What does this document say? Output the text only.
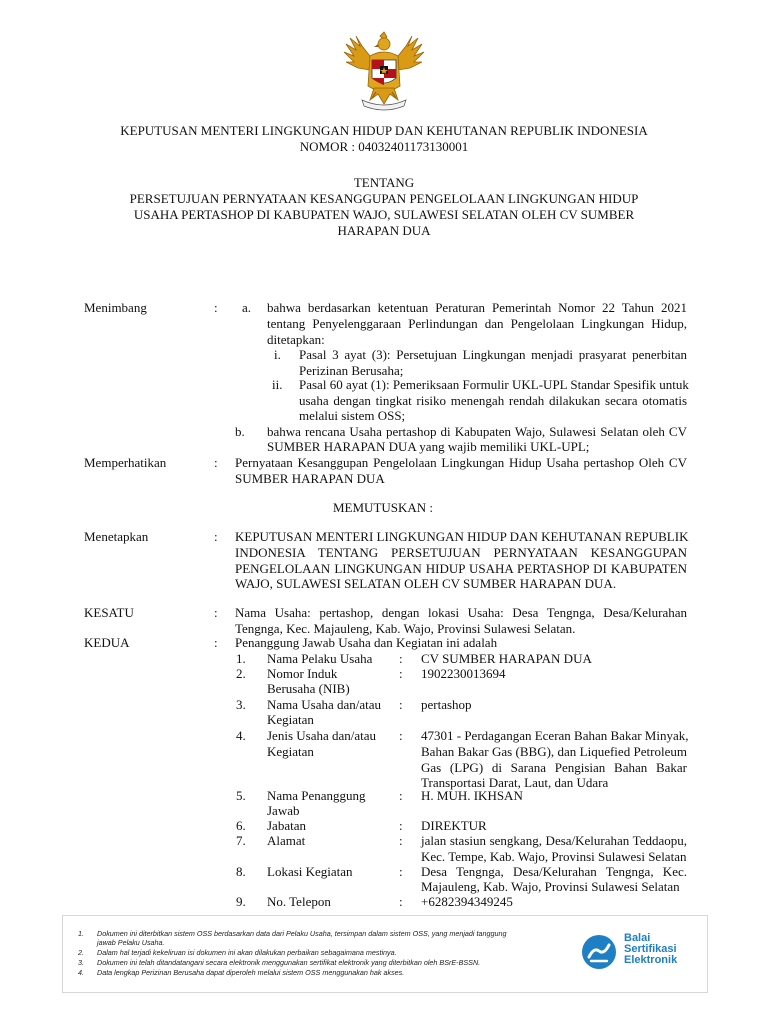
KEPUTUSAN MENTERI LINGKUNGAN HIDUP DAN KEHUTANAN REPUBLIK INDONESIA
NOMOR : 04032401173130001
TENTANG
PERSETUJUAN PERNYATAAN KESANGGUPAN PENGELOLAAN LINGKUNGAN HIDUP
USAHA PERTASHOP DI KABUPATEN WAJO, SULAWESI SELATAN OLEH CV SUMBER
HARAPAN DUA
Menimbang	: a. bahwa berdasarkan ketentuan Peraturan Pemerintah Nomor 22 Tahun 2021
tentang Penyelenggaraan Perlindungan dan Pengelolaan Lingkungan Hidup,
ditetapkan:
i. Pasal 3 ayat (3): Persetujuan Lingkungan menjadi prasyarat penerbitan
Perizinan Berusaha;
ii. Pasal 60 ayat (1): Pemeriksaan Formulir UKL-UPL Standar Spesifik untuk
usaha dengan tingkat risiko menengah rendah dilakukan secara otomatis
melalui sistem OSS;
b. bahwa rencana Usaha pertashop di Kabupaten Wajo, Sulawesi Selatan oleh CV
SUMBER HARAPAN DUA yang wajib memiliki UKL-UPL;
Memperhatikan	: Pernyataan Kesanggupan Pengelolaan Lingkungan Hidup Usaha pertashop Oleh CV
SUMBER HARAPAN DUA
MEMUTUSKAN :
Menetapkan	: KEPUTUSAN MENTERI LINGKUNGAN HIDUP DAN KEHUTANAN REPUBLIK
INDONESIA TENTANG PERSETUJUAN PERNYATAAN KESANGGUPAN
PENGELOLAAN LINGKUNGAN HIDUP USAHA PERTASHOP DI KABUPATEN
WAJO, SULAWESI SELATAN OLEH CV SUMBER HARAPAN DUA.
KESATU	: Nama Usaha: pertashop, dengan lokasi Usaha: Desa Tengnga, Desa/Kelurahan
Tengnga, Kec. Majauleng, Kab. Wajo, Provinsi Sulawesi Selatan.
KEDUA	: Penanggung Jawab Usaha dan Kegiatan ini adalah
1. Nama Pelaku Usaha : CV SUMBER HARAPAN DUA
2. Nomor Induk
Berusaha (NIB)
: 1902230013694
3. Nama Usaha dan/atau
Kegiatan
: pertashop
4. Jenis Usaha dan/atau
Kegiatan
: 47301 - Perdagangan Eceran Bahan Bakar Minyak,
Bahan Bakar Gas (BBG), dan Liquefied Petroleum
Gas (LPG) di Sarana Pengisian Bahan Bakar
Transportasi Darat, Laut, dan Udara
5. Nama Penanggung
Jawab
: H. MUH. IKHSAN
6. Jabatan	: DIREKTUR
7. Alamat	: jalan stasiun sengkang, Desa/Kelurahan Teddaopu,
Kec. Tempe, Kab. Wajo, Provinsi Sulawesi Selatan
8. Lokasi Kegiatan	: Desa Tengnga, Desa/Kelurahan Tengnga, Kec.
Majauleng, Kab. Wajo, Provinsi Sulawesi Selatan
9. No. Telepon	: +6282394349245
1. Dokumen ini diterbitkan sistem OSS berdasarkan data dari Pelaku Usaha, tersimpan dalam sistem OSS, yang menjadi tanggung
jawab Pelaku Usaha.
2. Dalam hal terjadi kekeliruan isi dokumen ini akan dilakukan perbaikan sebagaimana mestinya.
3. Dokumen ini telah ditandatangani secara elektronik menggunakan sertifikat elektronik yang diterbitkan oleh BSrE-BSSN.
4. Data lengkap Perizinan Berusaha dapat diperoleh melalui sistem OSS menggunakan hak akses.
Balai
Sertifikasi
Elektronik
